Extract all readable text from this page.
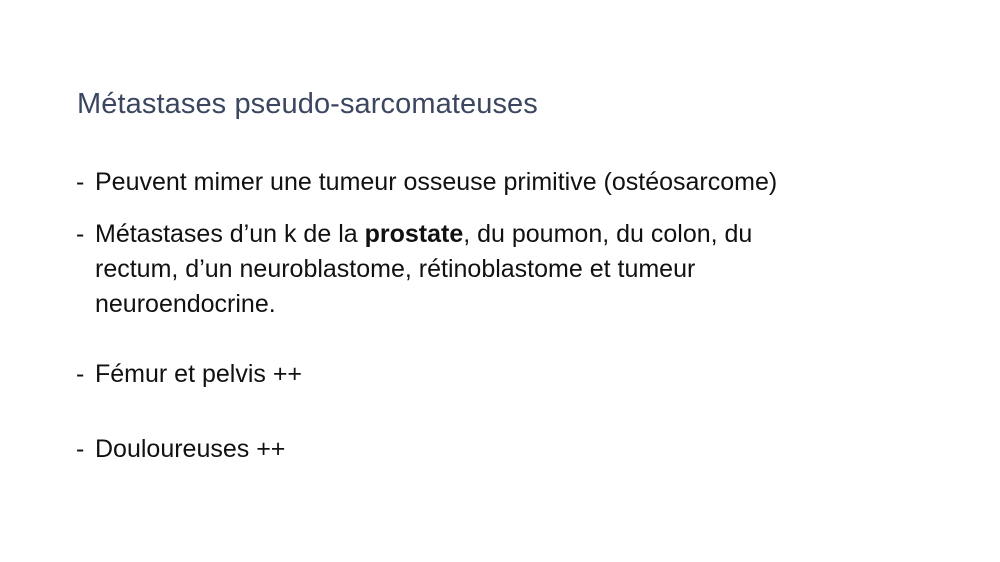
Métastases pseudo-sarcomateuses
- Peuvent mimer une tumeur osseuse primitive (ostéosarcome)
- Métastases d’un k de la prostate, du poumon, du colon, du
rectum, d’un neuroblastome, rétinoblastome et tumeur
neuroendocrine.
- Fémur et pelvis ++
- Douloureuses ++
